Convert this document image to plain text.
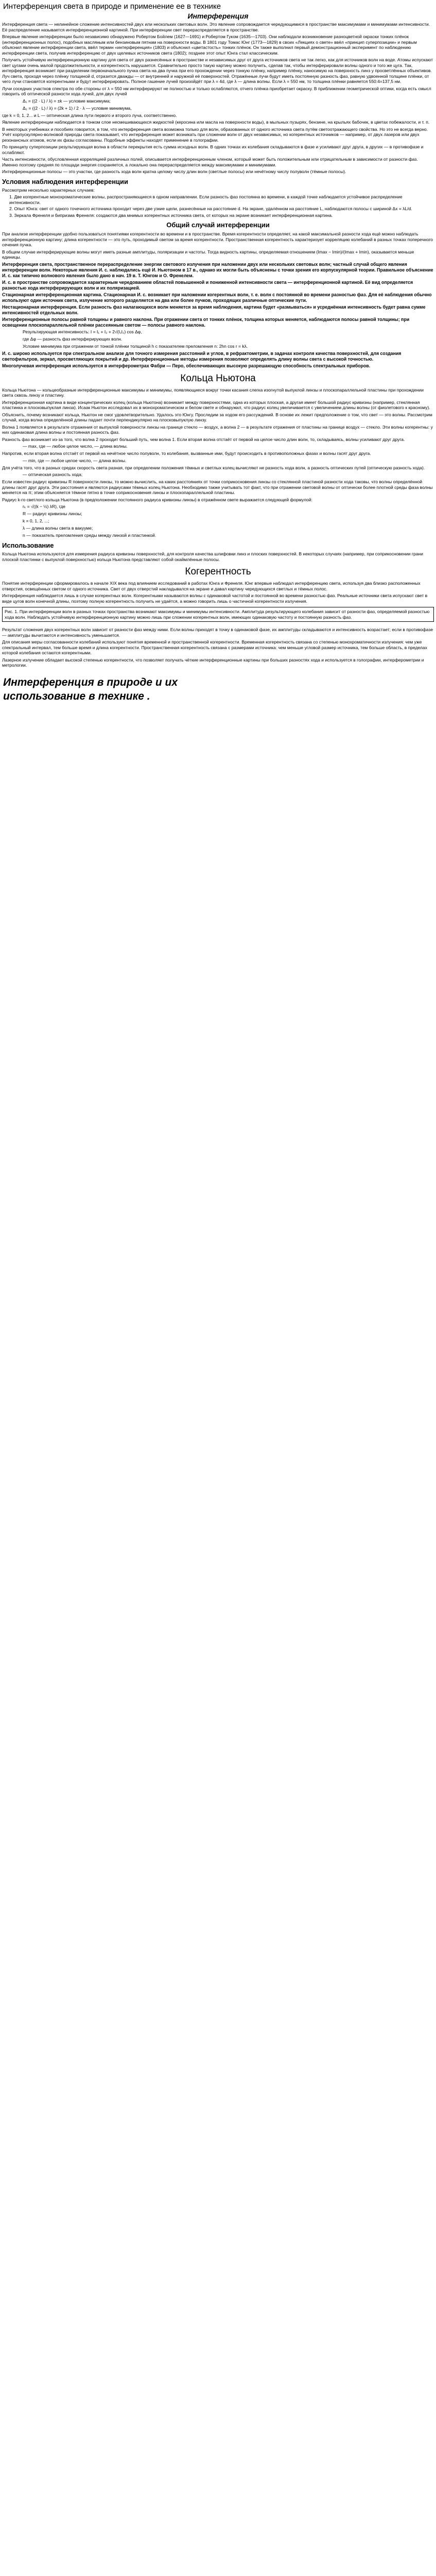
Интерференция света в природе и применение ее в технике
Интерференция

Интерференция света — нелинейное сложение интенсивностей двух или нескольких световых волн. Это явление сопровождается чередующимися в пространстве максимумами и минимумами интенсивности. Её распределение называется интерференционной картиной. При интерференции свет перераспределяется в пространстве.

Впервые явление интерференции было независимо обнаружено Робертом Бойлем (1627—1691) и Робертом Гуком (1635—1703). Они наблюдали возникновение разноцветной окраски тонких плёнок (интерференционных полос), подобных масляным или бензиновым пятнам на поверхности воды. В 1801 году Томас Юнг (1773—1829) в своих «Лекциях о свете» ввёл «принцип суперпозиции» и первым объяснил явление интерференции света, ввёл термин «интерференция» (1803) и объяснил «цветастость» тонких плёнок. Он также выполнил первый демонстрационный эксперимент по наблюдению интерференции света, получив интерференцию от двух щелевых источников света (1802); позднее этот опыт Юнга стал классическим.

Получить устойчивую интерференционную картину для света от двух разнесённых в пространстве и независимых друг от друга источников света не так легко, как для источников волн на воде. Атомы испускают свет цугами очень малой продолжительности, и когерентность нарушается. Сравнительно просто такую картину можно получить, сделав так, чтобы интерферировали волны одного и того же цуга. Так, интерференция возникает при разделении первоначального пучка света на два пучка при его прохождении через тонкую плёнку, например плёнку, наносимую на поверхность линз у просветлённых объективов. Луч света, проходя через плёнку толщиной d, отразится дважды — от внутренней и наружной её поверхностей. Отражённые лучи будут иметь постоянную разность фаз, равную удвоенной толщине плёнки, от чего лучи становятся когерентными и будут интерферировать. Полное гашение лучей произойдёт при λ = 4d, где λ — длина волны. Если λ = 550 нм, то толщина плёнки равняется 550:4=137,5 нм.

Лучи соседних участков спектра по обе стороны от λ = 550 нм интерферируют не полностью и только ослабляются, отчего плёнка приобретает окраску. В приближении геометрической оптики, когда есть смысл говорить об оптической разности хода лучей, для двух лучей

Δ₁ = ((2 · L) / λ) = ±k — условие максимума;
Δ₂ = ((2 · L) / λ) = (2k + 1) / 2 · λ — условие минимума,

где k = 0, 1, 2... и L — оптическая длина пути первого и второго луча, соответственно.

Явление интерференции наблюдается в тонком слое несмешивающихся жидкостей (керосина или масла на поверхности воды), в мыльных пузырях, бензине, на крыльях бабочек, в цветах побежалости, и т. п.

В некоторых учебниках и пособиях говорится, в том, что интерференция света возможна только для волн, образованных от одного источника света путём светоотражающего свойства. Но это не всегда верно. Учёт корпускулярно-волновой природы света показывает, что интерференция может возникать при сложении волн от двух независимых, но когерентных источников — например, от двух лазеров или двух резонансных атомов, если их фазы согласованы. Подобные эффекты находят применение в голографии.

По принципу суперпозиции результирующая волна в области перекрытия есть сумма исходных волн. В одних точках их колебания складываются в фазе и усиливают друг друга, в других — в противофазе и ослабляют.

Часть интенсивности, обусловленная корреляцией различных полей, описывается интерференционным членом, который может быть положительным или отрицательным в зависимости от разности фаз. Именно поэтому средняя по площади энергия сохраняется, а локально она перераспределяется между максимумами и минимумами.

Интерференционные полосы — это участки, где разность хода волн кратна целому числу длин волн (светлые полосы) или нечётному числу полуволн (тёмные полосы).

Условия наблюдения интерференции

Рассмотрим несколько характерных случаев:

1. Две когерентные монохроматические волны, распространяющиеся в одном направлении. Если разность фаз постоянна во времени, в каждой точке наблюдается устойчивое распределение интенсивности.

2. Опыт Юнга: свет от одного точечного источника проходит через две узкие щели, разнесённые на расстояние d. На экране, удалённом на расстояние L, наблюдаются полосы с шириной Δx = λL/d.

3. Зеркала Френеля и бипризма Френеля: создаются два мнимых когерентных источника света, от которых на экране возникает интерференционная картина.

Общий случай интерференции

При анализе интерференции удобно пользоваться понятиями когерентности во времени и в пространстве. Время когерентности определяет, на какой максимальной разности хода ещё можно наблюдать интерференционную картину; длина когерентности — это путь, проходимый светом за время когерентности. Пространственная когерентность характеризует корреляцию колебаний в разных точках поперечного сечения пучка.

В общем случае интерферирующие волны могут иметь разные амплитуды, поляризации и частоты. Тогда видность картины, определяемая отношением (Imax − Imin)/(Imax + Imin), оказывается меньше единицы.

Интерференция света, пространственное перераспределение энергии светового излучения при наложении двух или нескольких световых волн; частный случай общего явления интерференции волн. Некоторые явления И. с. наблюдались ещё И. Ньютоном в 17 в., однако их могли быть объяснены с точки зрения его корпускулярной теории. Правильное объяснение И. с. как типично волнового явления было дано в нач. 19 в. Т. Юнгом и О. Френелем.

И. с. в пространстве сопровождается характерным чередованием областей повышенной и пониженной интенсивности света — интерференционной картиной. Её вид определяется разностью хода интерферирующих волн и их поляризацией.

Стационарная интерференционная картина. Стационарная И. с. возникает при наложении когерентных волн, т. е. волн с постоянной во времени разностью фаз. Для её наблюдения обычно используют один источник света, излучение которого разделяется на два или более пучков, проходящих различные оптические пути.

Нестационарная интерференция. Если разность фаз налагающихся волн меняется за время наблюдения, картина будет «размываться» и усреднённая интенсивность будет равна сумме интенсивностей отдельных волн.

Интерференционные полосы равной толщины и равного наклона. При отражении света от тонких плёнок, толщина которых меняется, наблюдаются полосы равной толщины; при освещении плоскопараллельной плёнки рассеянным светом — полосы равного наклона.

Результирующая интенсивность: I = I₁ + I₂ + 2√(I₁I₂) cos Δφ,
где Δφ — разность фаз интерферирующих волн.
Условие минимума при отражении от тонкой плёнки толщиной h с показателем преломления n: 2hn cos r = kλ.

И. с. широко используется при спектральном анализе для точного измерения расстояний и углов, в рефрактометрии, в задачах контроля качества поверхностей, для создания светофильтров, зеркал, просветляющих покрытий и др. Интерференционные методы измерения позволяют определять длину волны света с высокой точностью.

Многолучевая интерференция используется в интерферометрах Фабри — Перо, обеспечивающих высокую разрешающую способность спектральных приборов.

Кольца Ньютона

Кольца Ньютона — кольцеобразные интерференционные максимумы и минимумы, появляющиеся вокруг точки касания слегка изогнутой выпуклой линзы и плоскопараллельной пластины при прохождении света сквозь линзу и пластину.

Интерференционная картина в виде концентрических колец (кольца Ньютона) возникает между поверхностями, одна из которых плоская, а другая имеет большой радиус кривизны (например, стеклянная пластинка и плосковыпуклая линза). Исаак Ньютон исследовал их в монохроматическом и белом свете и обнаружил, что радиус колец увеличивается с увеличением длины волны (от фиолетового к красному).

Объяснить, почему возникают кольца, Ньютон не смог удовлетворительно. Удалось это Юнгу. Проследим за ходом его рассуждений. В основе их лежит предположение о том, что свет — это волны. Рассмотрим случай, когда волна определённой длины падает почти перпендикулярно на плосковыпуклую линзу.

Волна 1 появляется в результате отражения от выпуклой поверхности линзы на границе стекло — воздух, а волна 2 — в результате отражения от пластины на границе воздух — стекло. Эти волны когерентны: у них одинаковая длина волны и постоянная разность фаз.

Разность фаз возникает из-за того, что волна 2 проходит больший путь, чем волна 1. Если вторая волна отстаёт от первой на целое число длин волн, то, складываясь, волны усиливают друг друга.

— max, где — любое целое число, — длина волны.

Напротив, если вторая волна отстаёт от первой на нечётное число полуволн, то колебания, вызванные ими, будут происходить в противоположных фазах и волны гасят друг друга.

— min, где — любое целое число, — длина волны.

Для учёта того, что в разных средах скорость света разная, при определении положения тёмных и светлых колец вычисляют не разность хода волн, а разность оптических путей (оптическую разность хода).

— оптическая разность хода;

Если известен радиус кривизны R поверхности линзы, то можно вычислить, на каких расстояниях от точки соприкосновения линзы со стеклянной пластиной разности хода таковы, что волны определённой длины гасят друг друга. Эти расстояния и являются радиусами тёмных колец Ньютона. Необходимо также учитывать тот факт, что при отражении световой волны от оптически более плотной среды фаза волны меняется на π; этим объясняется тёмное пятно в точке соприкосновения линзы и плоскопараллельной пластины.

Радиус k-го светлого кольца Ньютона (в предположении постоянного радиуса кривизны линзы) в отражённом свете выражается следующей формулой:

rₖ = √((k − ½) λR), где
R — радиус кривизны линзы;
k = 0, 1, 2, ...;
λ — длина волны света в вакууме;
n — показатель преломления среды между линзой и пластинкой.
Использование

Кольца Ньютона используются для измерения радиуса кривизны поверхностей, для контроля качества шлифовки линз и плоских поверхностей. В некоторых случаях (например, при соприкосновении грани плоской пластинки с выпуклой поверхностью) кольца Ньютона представляют собой окаймлённые полосы.

Когерентность

Понятие интерференции сформировалось в начале XIX века под влиянием исследований в работах Юнга и Френеля. Юнг впервые наблюдал интерференцию света, используя два близко расположенных отверстия, освещённых светом от одного источника. Свет от двух отверстий накладывался на экране и давал картину чередующихся светлых и тёмных полос.

Интерференция наблюдается лишь в случае когерентных волн. Когерентными называются волны с одинаковой частотой и постоянной во времени разностью фаз. Реальные источники света испускают свет в виде цугов волн конечной длины, поэтому полную когерентность получить не удаётся, а можно говорить лишь о частичной когерентности излучения.

Рис. 1. При интерференции волн в разных точках пространства возникают максимумы и минимумы интенсивности. Амплитуда результирующего колебания зависит от разности фаз, определяемой разностью хода волн. Наблюдать устойчивую интерференционную картину можно лишь при сложении когерентных волн, имеющих одинаковую частоту и постоянную разность фаз.

Результат сложения двух когерентных волн зависит от разности фаз между ними. Если волны приходят в точку в одинаковой фазе, их амплитуды складываются и интенсивность возрастает; если в противофазе — амплитуды вычитаются и интенсивность уменьшается.

Для описания меры согласованности колебаний используют понятия временной и пространственной когерентности. Временная когерентность связана со степенью монохроматичности излучения: чем уже спектральный интервал, тем больше время и длина когерентности. Пространственная когерентность связана с размерами источника: чем меньше угловой размер источника, тем больше область, в пределах которой колебания остаются когерентными.

Лазерное излучение обладает высокой степенью когерентности, что позволяет получать чёткие интерференционные картины при больших разностях хода и используется в голографии, интерферометрии и метрологии.

Интерференция в природе и их использование в технике .
